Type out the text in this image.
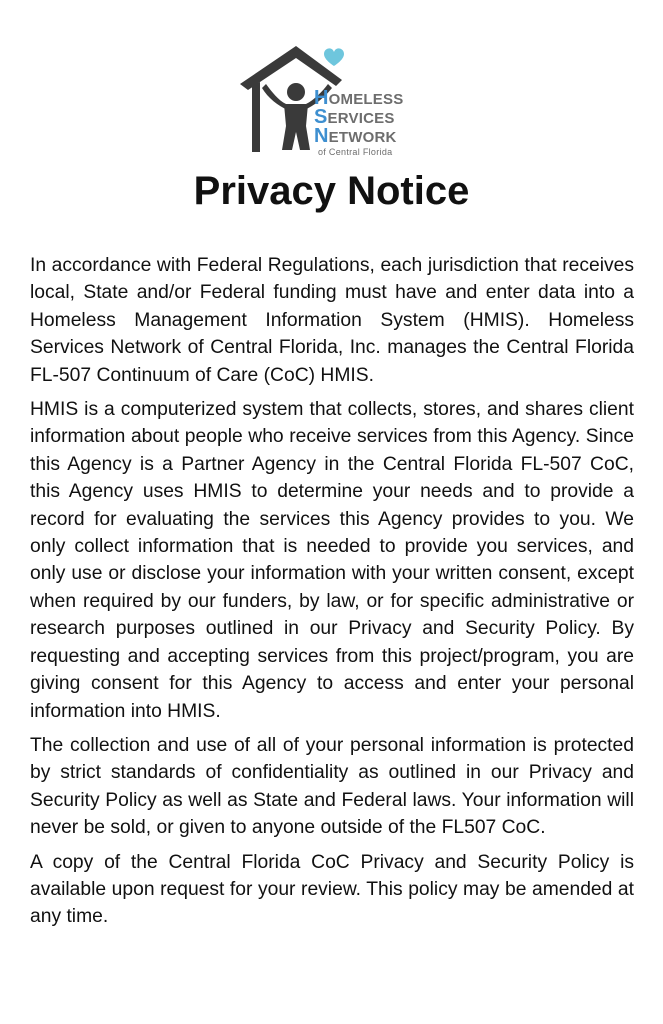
HOMELESS
SERVICES
NETWORK
of Central Florida
Privacy Notice

In accordance with Federal Regulations, each jurisdiction that receives local, State and/or Federal funding must have and enter data into a Homeless Management Information System (HMIS). Homeless Services Network of Central Florida, Inc. manages the Central Florida FL-507 Continuum of Care (CoC) HMIS.

HMIS is a computerized system that collects, stores, and shares client information about people who receive services from this Agency. Since this Agency is a Partner Agency in the Central Florida FL-507 CoC, this Agency uses HMIS to determine your needs and to provide a record for evaluating the services this Agency provides to you. We only collect information that is needed to provide you services, and only use or disclose your information with your written consent, except when required by our funders, by law, or for specific administrative or research purposes outlined in our Privacy and Security Policy. By requesting and accepting services from this project/program, you are giving consent for this Agency to access and enter your personal information into HMIS.

The collection and use of all of your personal information is protected by strict standards of confidentiality as outlined in our Privacy and Security Policy as well as State and Federal laws. Your information will never be sold, or given to anyone outside of the FL507 CoC.

A copy of the Central Florida CoC Privacy and Security Policy is available upon request for your review. This policy may be amended at any time.
